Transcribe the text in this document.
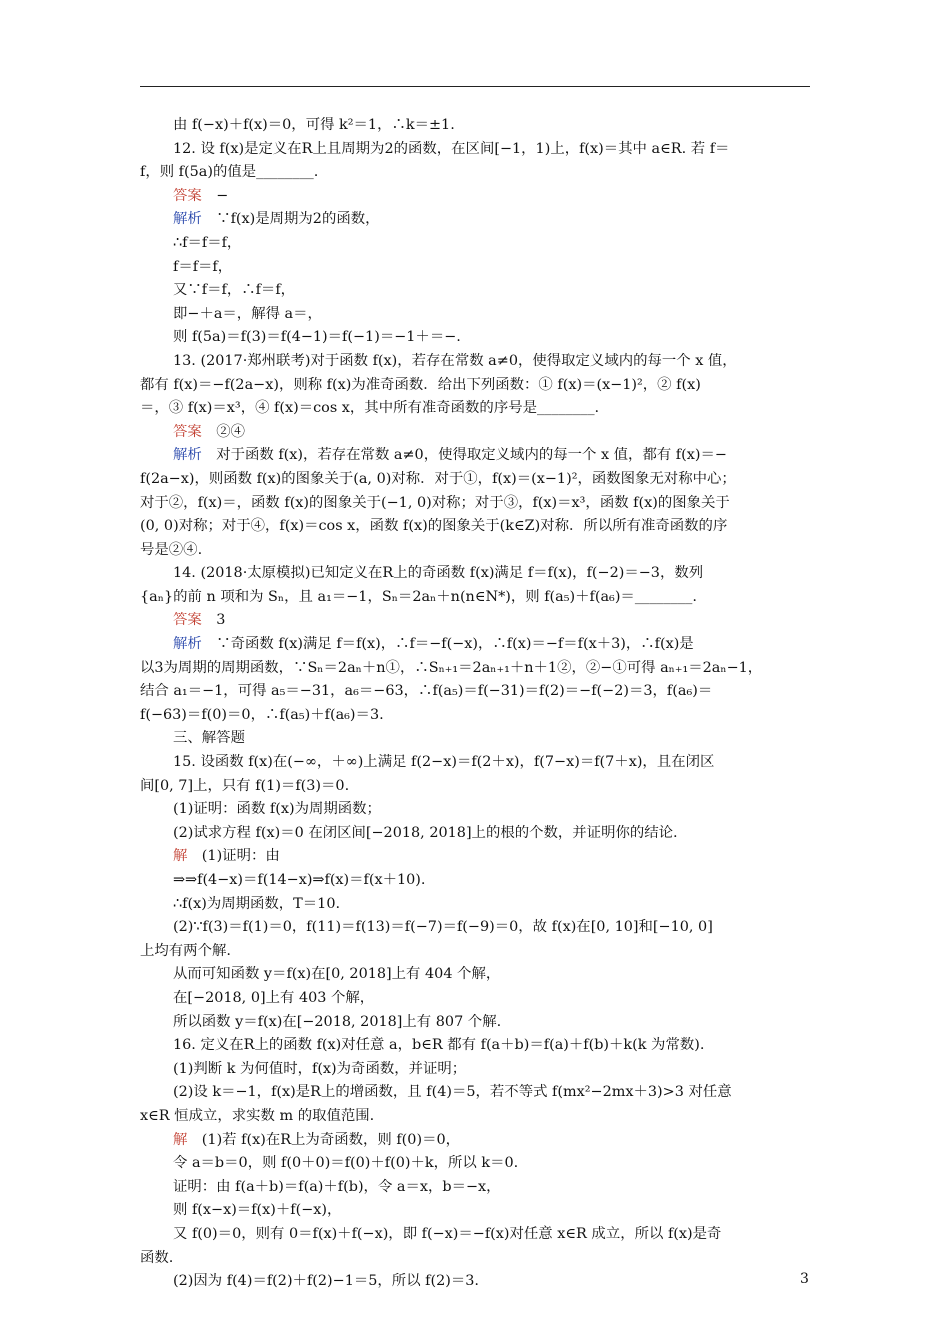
由 f(−x)＋f(x)＝0，可得 k²＝1，∴k＝±1.
12. 设 f(x)是定义在R上且周期为2的函数，在区间[−1，1)上，f(x)＝其中 a∈R. 若 f＝
f，则 f(5a)的值是________.
答案　−
解析　∵f(x)是周期为2的函数，
∴f＝f＝f，
f＝f＝f，
又∵f＝f，∴f＝f，
即−＋a＝，解得 a＝，
则 f(5a)＝f(3)＝f(4−1)＝f(−1)＝−1＋＝−.
13. (2017·郑州联考)对于函数 f(x)，若存在常数 a≠0，使得取定义域内的每一个 x 值，
都有 f(x)＝−f(2a−x)，则称 f(x)为准奇函数．给出下列函数：① f(x)＝(x−1)²，② f(x)
＝，③ f(x)＝x³，④ f(x)＝cos x，其中所有准奇函数的序号是________.
答案　②④
解析　对于函数 f(x)，若存在常数 a≠0，使得取定义域内的每一个 x 值，都有 f(x)＝−
f(2a−x)，则函数 f(x)的图象关于(a, 0)对称．对于①，f(x)＝(x−1)²，函数图象无对称中心；
对于②，f(x)＝，函数 f(x)的图象关于(−1, 0)对称；对于③，f(x)＝x³，函数 f(x)的图象关于
(0, 0)对称；对于④，f(x)＝cos x，函数 f(x)的图象关于(k∈Z)对称．所以所有准奇函数的序
号是②④.
14. (2018·太原模拟)已知定义在R上的奇函数 f(x)满足 f＝f(x)，f(−2)＝−3，数列
{aₙ}的前 n 项和为 Sₙ，且 a₁＝−1，Sₙ＝2aₙ＋n(n∈N*)，则 f(a₅)＋f(a₆)＝________.
答案　3
解析　∵奇函数 f(x)满足 f＝f(x)，∴f＝−f(−x)，∴f(x)＝−f＝f(x＋3)，∴f(x)是
以3为周期的周期函数，∵Sₙ＝2aₙ＋n①，∴Sₙ₊₁＝2aₙ₊₁＋n＋1②，②−①可得 aₙ₊₁＝2aₙ−1，
结合 a₁＝−1，可得 a₅＝−31，a₆＝−63，∴f(a₅)＝f(−31)＝f(2)＝−f(−2)＝3，f(a₆)＝
f(−63)＝f(0)＝0，∴f(a₅)＋f(a₆)＝3.
三、解答题
15. 设函数 f(x)在(−∞，＋∞)上满足 f(2−x)＝f(2＋x)，f(7−x)＝f(7＋x)，且在闭区
间[0, 7]上，只有 f(1)＝f(3)＝0.
(1)证明：函数 f(x)为周期函数；
(2)试求方程 f(x)＝0 在闭区间[−2018, 2018]上的根的个数，并证明你的结论.
解　(1)证明：由
⇒⇒f(4−x)＝f(14−x)⇒f(x)＝f(x＋10).
∴f(x)为周期函数，T＝10.
(2)∵f(3)＝f(1)＝0，f(11)＝f(13)＝f(−7)＝f(−9)＝0，故 f(x)在[0, 10]和[−10, 0]
上均有两个解.
从而可知函数 y＝f(x)在[0, 2018]上有 404 个解，
在[−2018, 0]上有 403 个解，
所以函数 y＝f(x)在[−2018, 2018]上有 807 个解.
16. 定义在R上的函数 f(x)对任意 a，b∈R 都有 f(a＋b)＝f(a)＋f(b)＋k(k 为常数).
(1)判断 k 为何值时，f(x)为奇函数，并证明；
(2)设 k＝−1，f(x)是R上的增函数，且 f(4)＝5，若不等式 f(mx²−2mx＋3)>3 对任意
x∈R 恒成立，求实数 m 的取值范围.
解　(1)若 f(x)在R上为奇函数，则 f(0)＝0，
令 a＝b＝0，则 f(0＋0)＝f(0)＋f(0)＋k，所以 k＝0.
证明：由 f(a＋b)＝f(a)＋f(b)，令 a＝x，b＝−x，
则 f(x−x)＝f(x)＋f(−x)，
又 f(0)＝0，则有 0＝f(x)＋f(−x)，即 f(−x)＝−f(x)对任意 x∈R 成立，所以 f(x)是奇
函数.
(2)因为 f(4)＝f(2)＋f(2)−1＝5，所以 f(2)＝3.	3
